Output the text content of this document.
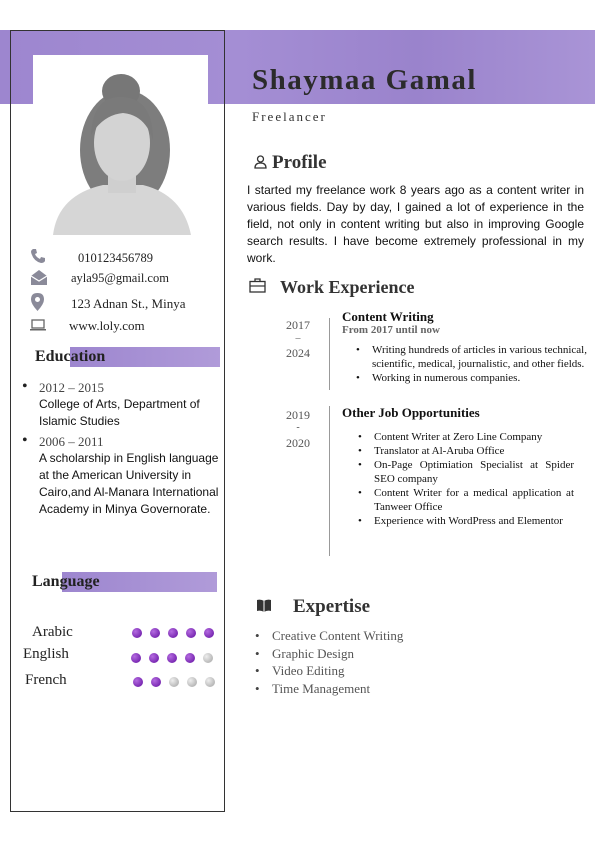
010123456789
ayla95@gmail.com
123 Adnan St., Minya
www.loly.com
Education
• 2012 – 2015
College of Arts, Department of Islamic Studies
• 2006 – 2011
A scholarship in English language at the American University in Cairo,and Al-Manara International Academy in Minya Governorate.
Language
Arabic
English
French
Shaymaa Gamal
Freelancer
Profile
I started my freelance work 8 years ago as a content writer in various fields. Day by day, I gained a lot of experience in the field, not only in content writing but also in improving Google search results. I have become extremely professional in my work.
Work Experience
2017
–
2024
Content Writing
From 2017 until now
• Writing hundreds of articles in various technical, scientific, medical, journalistic, and other fields.
• Working in numerous companies.
2019
-
2020
Other Job Opportunities
• Content Writer at Zero Line Company
• Translator at Al-Aruba Office
• On-Page Optimiation Specialist at Spider SEO company
• Content Writer for a medical application at Tanweer Office
• Experience with WordPress and Elementor
Expertise
• Creative Content Writing
• Graphic Design
• Video Editing
• Time Management
